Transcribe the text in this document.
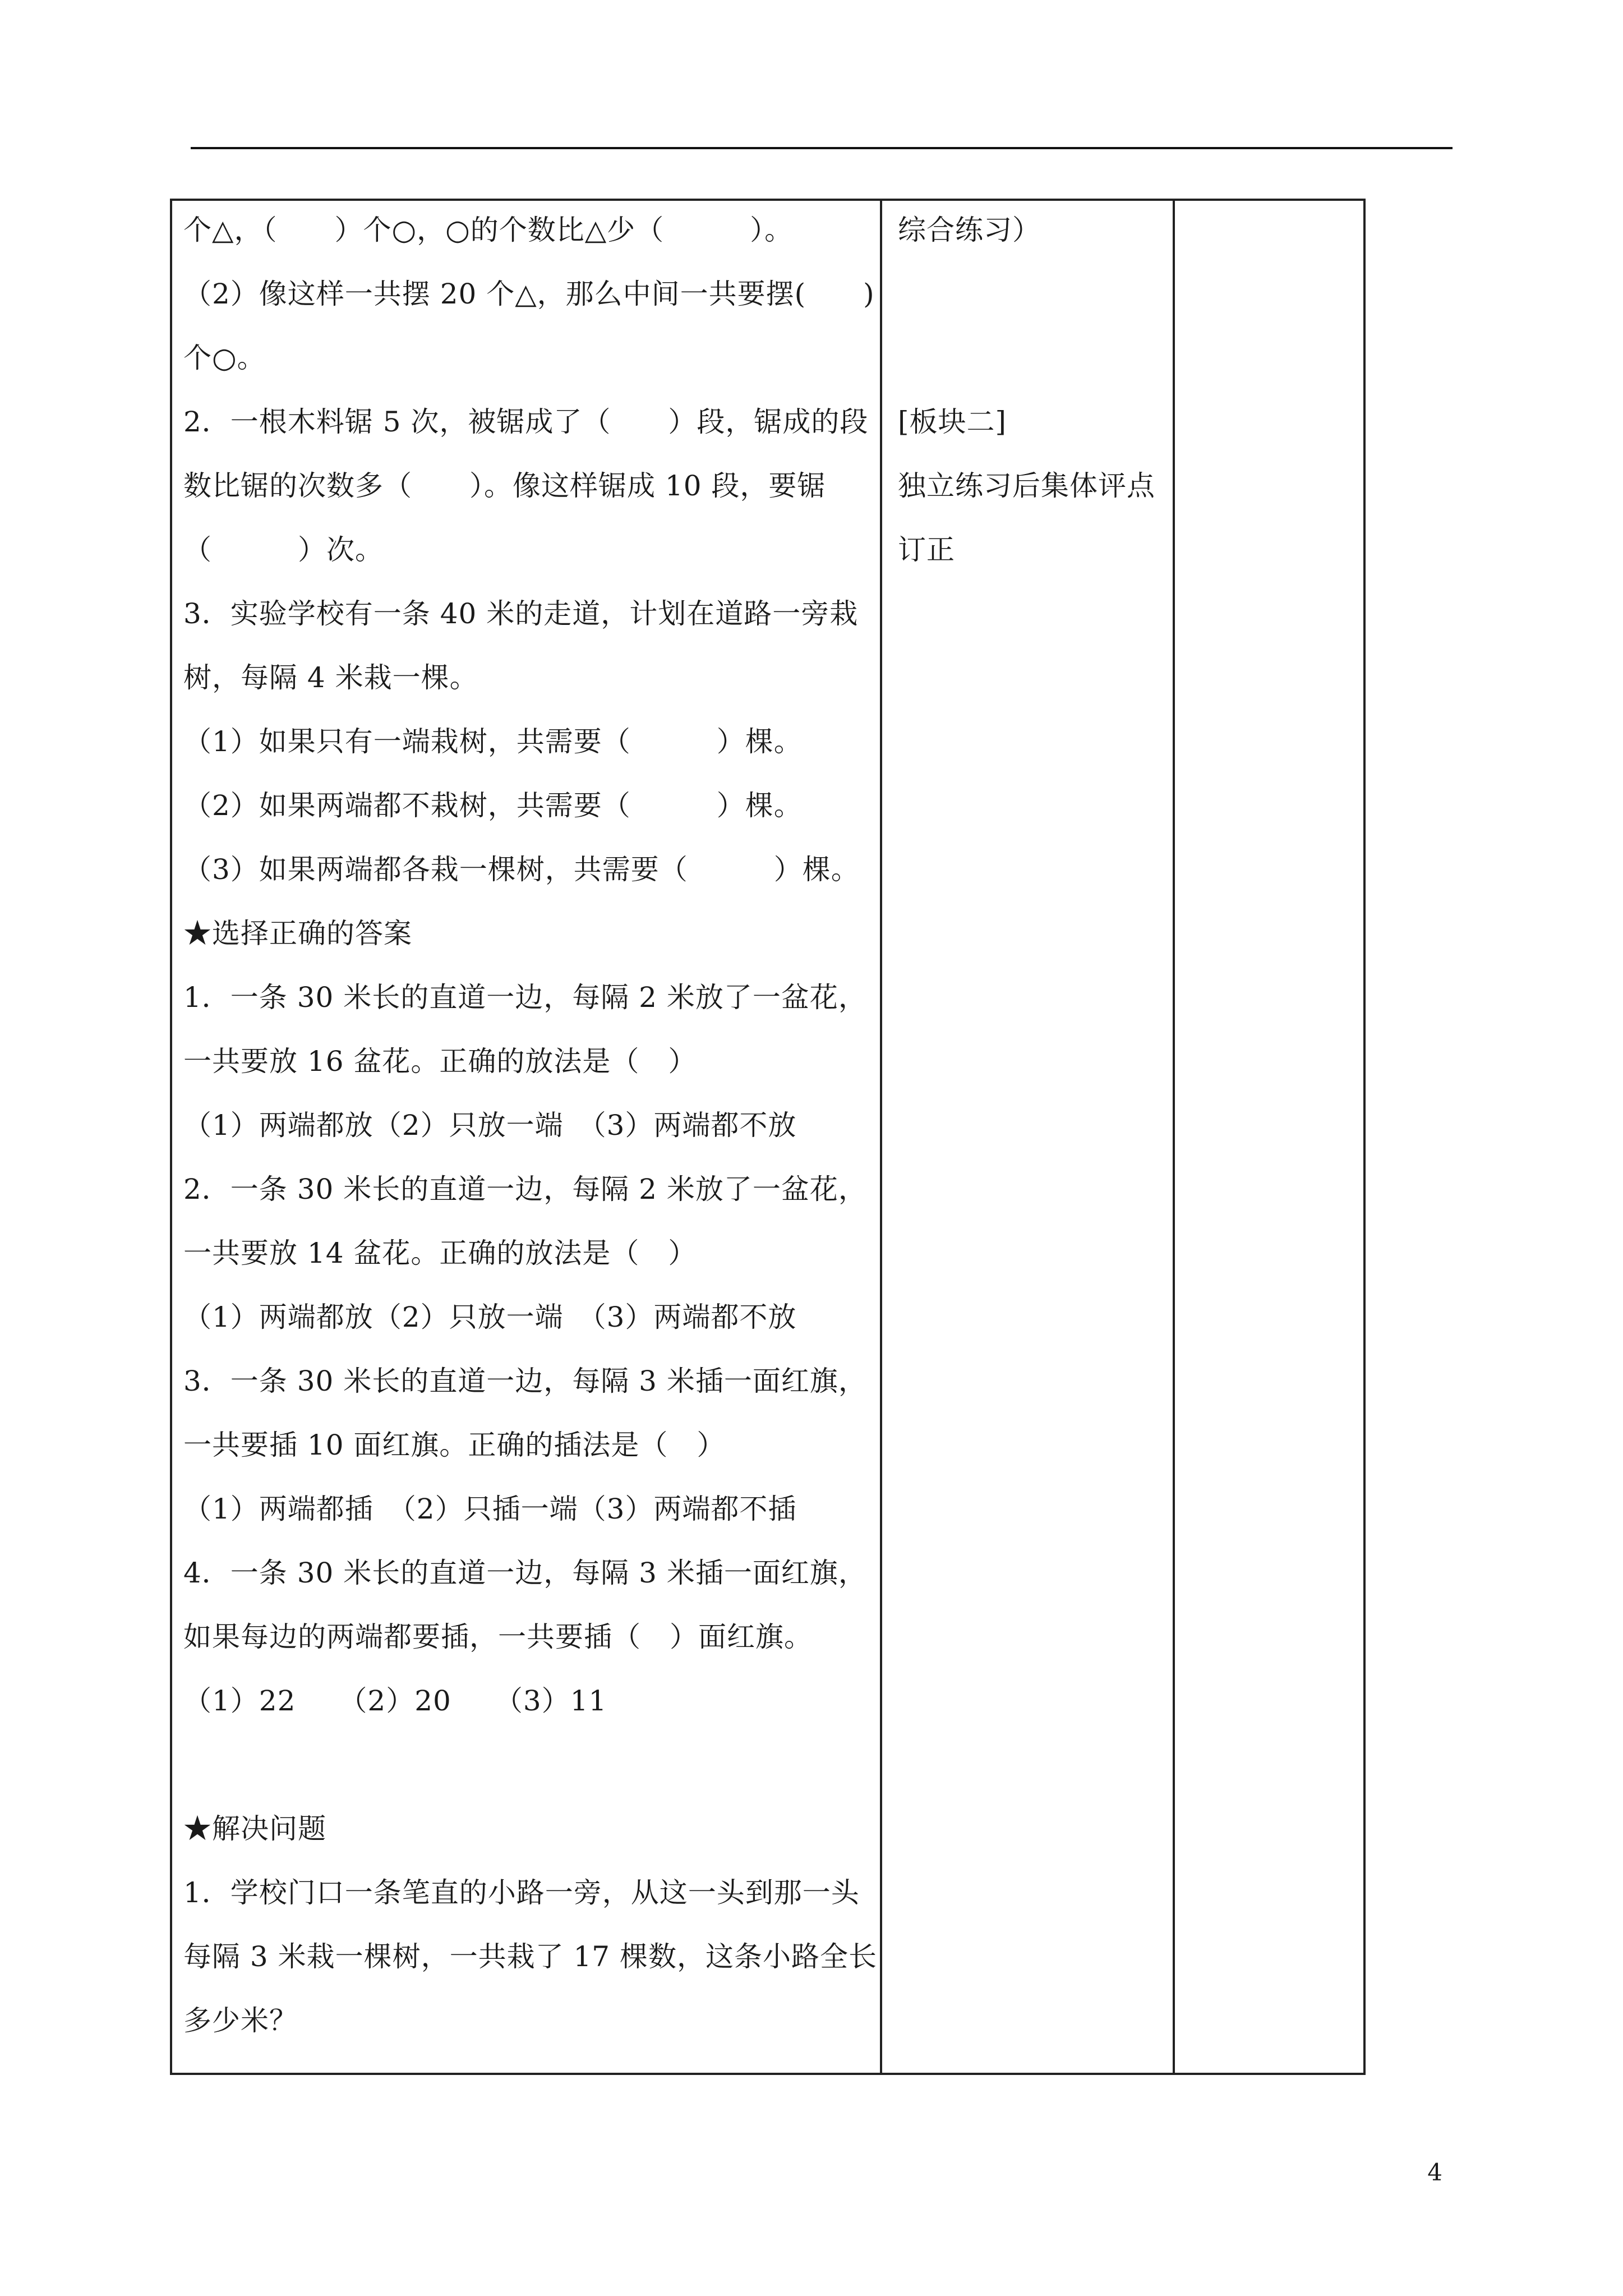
个△，（　　）个○，○的个数比△少（　　　）。
（2）像这样一共摆 20 个△，那么中间一共要摆(　　)
个○。
2．一根木料锯 5 次，被锯成了（　　）段，锯成的段
数比锯的次数多（　　）。像这样锯成 10 段，要锯
（　　　）次。
3．实验学校有一条 40 米的走道，计划在道路一旁栽
树，每隔 4 米栽一棵。
（1）如果只有一端栽树，共需要（　　　）棵。
（2）如果两端都不栽树，共需要（　　　）棵。
（3）如果两端都各栽一棵树，共需要（　　　）棵。
★选择正确的答案
1．一条 30 米长的直道一边，每隔 2 米放了一盆花，
一共要放 16 盆花。正确的放法是（　）
（1）两端都放（2）只放一端　（3）两端都不放
2．一条 30 米长的直道一边，每隔 2 米放了一盆花，
一共要放 14 盆花。正确的放法是（　）
（1）两端都放（2）只放一端　（3）两端都不放
3．一条 30 米长的直道一边，每隔 3 米插一面红旗，
一共要插 10 面红旗。正确的插法是（　）
（1）两端都插　（2）只插一端（3）两端都不插
4．一条 30 米长的直道一边，每隔 3 米插一面红旗，
如果每边的两端都要插，一共要插（　）面红旗。
（1）22　　（2）20　　（3）11
★解决问题
1．学校门口一条笔直的小路一旁，从这一头到那一头
每隔 3 米栽一棵树，一共栽了 17 棵数，这条小路全长
多少米？
综合练习）
[板块二]
独立练习后集体评点
订正
4
